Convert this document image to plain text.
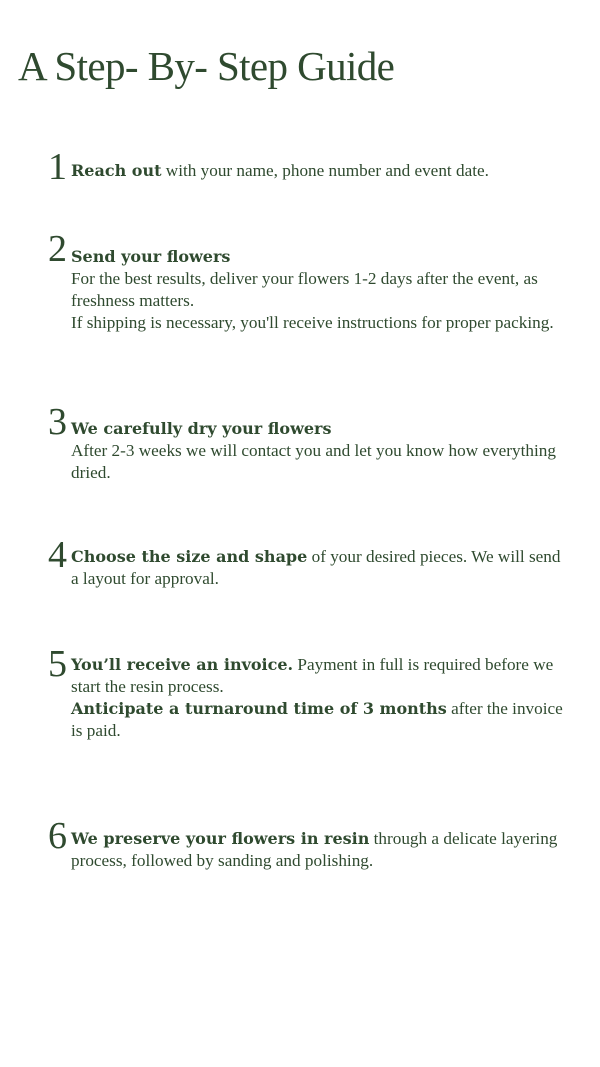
A Step- By- Step Guide
1 Reach out with your name, phone number and event date.
2 Send your flowers
For the best results, deliver your flowers 1-2 days after the event, as freshness matters.
If shipping is necessary, you'll receive instructions for proper packing.
3 We carefully dry your flowers
After 2-3 weeks we will contact you and let you know how everything dried.
4 Choose the size and shape of your desired pieces. We will send a layout for approval.
5 You’ll receive an invoice. Payment in full is required before we start the resin process.
Anticipate a turnaround time of 3 months after the invoice is paid.
6 We preserve your flowers in resin through a delicate layering process, followed by sanding and polishing.
